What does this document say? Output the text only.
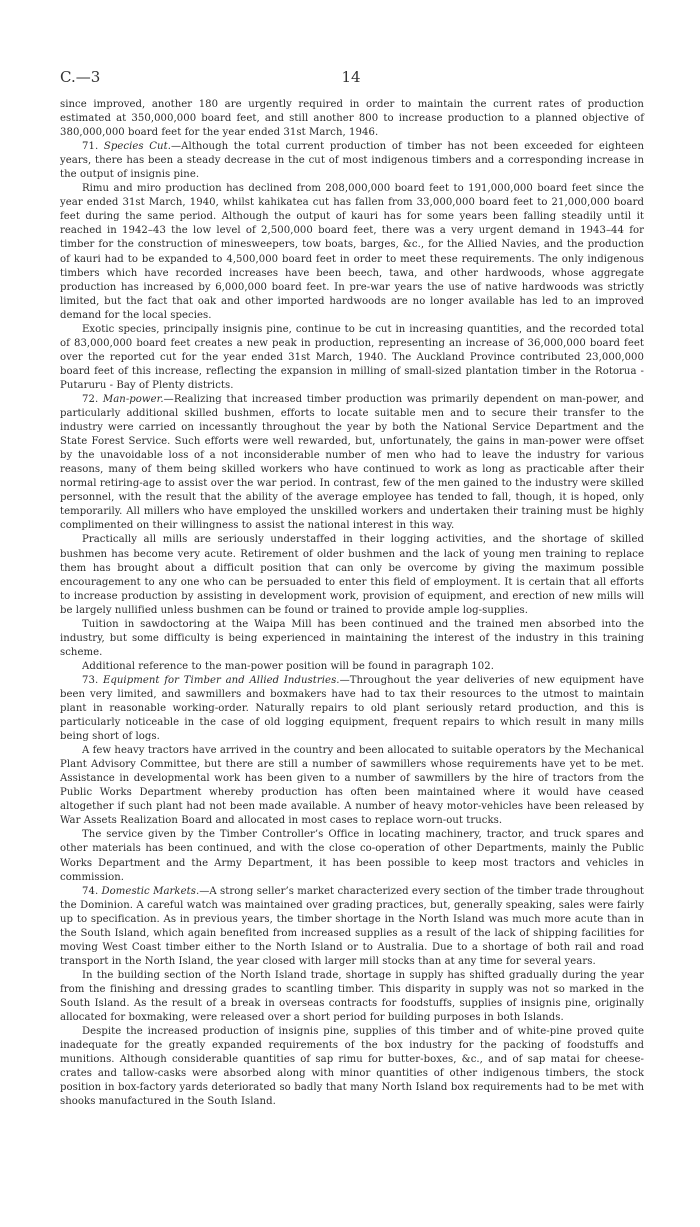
C.—3	14

since improved, another 180 are urgently required in order to maintain the current rates of production estimated at 350,000,000 board feet, and still another 800 to increase production to a planned objective of 380,000,000 board feet for the year ended 31st March, 1946.

71. Species Cut.—Although the total current production of timber has not been exceeded for eighteen years, there has been a steady decrease in the cut of most indigenous timbers and a corresponding increase in the output of insignis pine.

Rimu and miro production has declined from 208,000,000 board feet to 191,000,000 board feet since the year ended 31st March, 1940, whilst kahikatea cut has fallen from 33,000,000 board feet to 21,000,000 board feet during the same period. Although the output of kauri has for some years been falling steadily until it reached in 1942–43 the low level of 2,500,000 board feet, there was a very urgent demand in 1943–44 for timber for the construction of minesweepers, tow boats, barges, &c., for the Allied Navies, and the production of kauri had to be expanded to 4,500,000 board feet in order to meet these requirements. The only indigenous timbers which have recorded increases have been beech, tawa, and other hardwoods, whose aggregate production has increased by 6,000,000 board feet. In pre-war years the use of native hardwoods was strictly limited, but the fact that oak and other imported hardwoods are no longer available has led to an improved demand for the local species.

Exotic species, principally insignis pine, continue to be cut in increasing quantities, and the recorded total of 83,000,000 board feet creates a new peak in production, representing an increase of 36,000,000 board feet over the reported cut for the year ended 31st March, 1940. The Auckland Province contributed 23,000,000 board feet of this increase, reflecting the expansion in milling of small-sized plantation timber in the Rotorua - Putaruru - Bay of Plenty districts.

72. Man-power.—Realizing that increased timber production was primarily dependent on man-power, and particularly additional skilled bushmen, efforts to locate suitable men and to secure their transfer to the industry were carried on incessantly throughout the year by both the National Service Department and the State Forest Service. Such efforts were well rewarded, but, unfortunately, the gains in man-power were offset by the unavoidable loss of a not inconsiderable number of men who had to leave the industry for various reasons, many of them being skilled workers who have continued to work as long as practicable after their normal retiring-age to assist over the war period. In contrast, few of the men gained to the industry were skilled personnel, with the result that the ability of the average employee has tended to fall, though, it is hoped, only temporarily. All millers who have employed the unskilled workers and undertaken their training must be highly complimented on their willingness to assist the national interest in this way.

Practically all mills are seriously understaffed in their logging activities, and the shortage of skilled bushmen has become very acute. Retirement of older bushmen and the lack of young men training to replace them has brought about a difficult position that can only be overcome by giving the maximum possible encouragement to any one who can be persuaded to enter this field of employment. It is certain that all efforts to increase production by assisting in development work, provision of equipment, and erection of new mills will be largely nullified unless bushmen can be found or trained to provide ample log-supplies.

Tuition in sawdoctoring at the Waipa Mill has been continued and the trained men absorbed into the industry, but some difficulty is being experienced in maintaining the interest of the industry in this training scheme.

Additional reference to the man-power position will be found in paragraph 102.

73. Equipment for Timber and Allied Industries.—Throughout the year deliveries of new equipment have been very limited, and sawmillers and boxmakers have had to tax their resources to the utmost to maintain plant in reasonable working-order. Naturally repairs to old plant seriously retard production, and this is particularly noticeable in the case of old logging equipment, frequent repairs to which result in many mills being short of logs.

A few heavy tractors have arrived in the country and been allocated to suitable operators by the Mechanical Plant Advisory Committee, but there are still a number of sawmillers whose requirements have yet to be met. Assistance in developmental work has been given to a number of sawmillers by the hire of tractors from the Public Works Department whereby production has often been maintained where it would have ceased altogether if such plant had not been made available. A number of heavy motor-vehicles have been released by War Assets Realization Board and allocated in most cases to replace worn-out trucks.

The service given by the Timber Controller’s Office in locating machinery, tractor, and truck spares and other materials has been continued, and with the close co-operation of other Departments, mainly the Public Works Department and the Army Department, it has been possible to keep most tractors and vehicles in commission.

74. Domestic Markets.—A strong seller’s market characterized every section of the timber trade throughout the Dominion. A careful watch was maintained over grading practices, but, generally speaking, sales were fairly up to specification. As in previous years, the timber shortage in the North Island was much more acute than in the South Island, which again benefited from increased supplies as a result of the lack of shipping facilities for moving West Coast timber either to the North Island or to Australia. Due to a shortage of both rail and road transport in the North Island, the year closed with larger mill stocks than at any time for several years.

In the building section of the North Island trade, shortage in supply has shifted gradually during the year from the finishing and dressing grades to scantling timber. This disparity in supply was not so marked in the South Island. As the result of a break in overseas contracts for foodstuffs, supplies of insignis pine, originally allocated for boxmaking, were released over a short period for building purposes in both Islands.

Despite the increased production of insignis pine, supplies of this timber and of white-pine proved quite inadequate for the greatly expanded requirements of the box industry for the packing of foodstuffs and munitions. Although considerable quantities of sap rimu for butter-boxes, &c., and of sap matai for cheese-crates and tallow-casks were absorbed along with minor quantities of other indigenous timbers, the stock position in box-factory yards deteriorated so badly that many North Island box requirements had to be met with shooks manufactured in the South Island.
